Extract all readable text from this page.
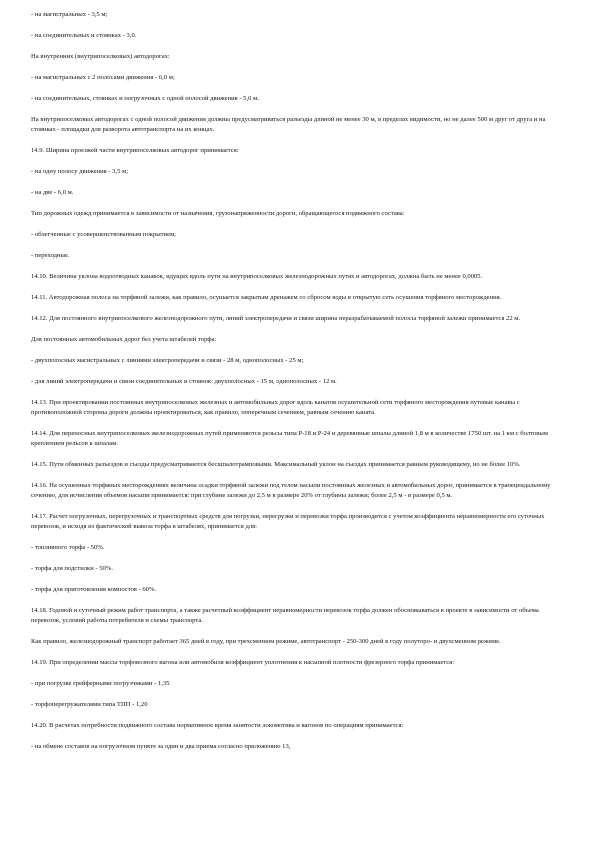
- на магистральных - 3,5 м;

- на соединительных и стоянках - 3,0.

На внутренних (внутрипоселковых) автодорогах:

- на магистральных с 2 полосами движения - 6,0 м;

- на соединительных, стоянках и погрузочных с одной полосой движения - 5,0 м.

На внутрипоселковых автодорогах с одной полосой движения должны предусматриваться разъезды длиной не менее 30 м, в пределах видимости, но не далее 500 м друг от друга и на стоянках - площадки для разворота автотранспорта на их концах.

14.9. Ширина проезжей части внутрипоселковых автодорог принимается:

- на одну полосу движения - 3,5 м;

- на две - 6,0 м.

Тип дорожных одежд принимается в зависимости от назначения, грузонапряженности дороги, обращающегося подвижного состава:

- облегченные с усовершенствованным покрытием;

- переходные.

14.10. Величина уклона водоотводных канавок, идущих вдоль пути на внутрипоселковых железнодорожных путях и автодорогах, должна быть не менее 0,0005.

14.11. Автодорожная полоса на торфяной залежи, как правило, осушается закрытым дренажем со сбросом воды в открытую сеть осушения торфяного месторождения.

14.12. Для постоянного внутрипоселкового железнодорожного пути, линий электропередачи и связи ширина неразрабатываемой полосы торфяной залежи принимается 22 м.

Для постоянных автомобильных дорог без учета штабелей торфа:

- двухполосных магистральных с линиями электропередачи и связи - 28 м, однополосных - 25 м;

- для линий электропередачи и связи соединительных и стоянок: двухполосных - 15 м, однополосных - 12 м.

14.13. При проектировании постоянных внутрипоселковых железных и автомобильных дорог вдоль канатов осушительной сети торфяного месторождения путевые канавы с противоположной стороны дороги должны проектироваться, как правило, поперечным сечением, равным сечению каната.

14.14. Для переносных внутрипоселковых железнодорожных путей применяются рельсы типа Р-18 и Р-24 и деревянные шпалы длиной 1,8 м в количестве 1750 шт. на 1 км с болтовым креплением рельсов к шпалам.

14.15. Пути обменных разъездов и съезды предусматриваются бесшпалотрамповыми. Максимальный уклон на съездах принимается равным руководящему, но не более 10%.

14.16. На осушенных торфяных месторождениях величина осадки торфяной залежи под телом насыпи постоянных железных и автомобильных дорог, принимается в трапецеидальному сечению, для исчисления объемов насыпи принимается: при глубине залежи до 2,5 м в размере 20% от глубины залежи; более 2,5 м - в размере 0,5 м.

14.17. Расчет погрузочных, перегрузочных и транспортных средств для погрузки, перегрузки и перевозки торфа производится с учетом коэффициента неравномерности его суточных перевозок, и исходя из фактической вывоза торфа в штабелях, принимается для:

- топливного торфа - 50%.

- торфа для подстилки - 50%.

- торфа для приготовления компостов - 60%.

14.18. Годовой и суточный режим работ транспорта, а также расчетный коэффициент неравномерности перевозок торфа должен обосновываться в проекте в зависимости от объема перевозок, условий работы потребителя и схемы транспорта.

Как правило, железнодорожный транспорт работает 365 дней в году, при трехсменном режиме, автотранспорт - 250-300 дней в году полуторо- и двухсменном режиме.

14.19. При определении массы торфовозного вагона или автомобиля коэффициент уплотнения к насыпной плотности фрезерного торфа принимается:

- при погрузке грейферными погрузчиками - 1,35

- торфоперегружателями типа ТПП - 1,20

14.20. В расчетах потребности подвижного состава нормативное время занятости локомотива и вагонов по операциям принимается:

- на обмене составов на погрузочном пункте за один и два приема согласно приложению 13,
